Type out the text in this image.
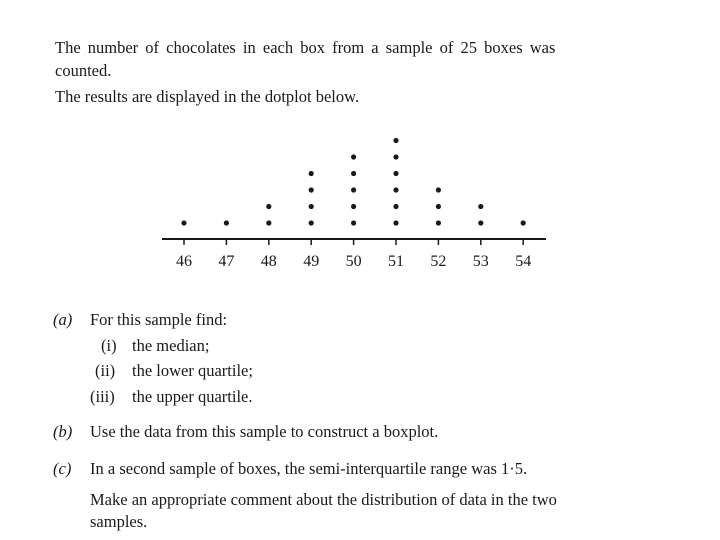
The number of chocolates in each box from a sample of 25 boxes was
counted.
The results are displayed in the dotplot below.
46 47 48 49 50 51 52 53 54
(a) For this sample find:
(i) the median;
(ii) the lower quartile;
(iii) the upper quartile.
(b) Use the data from this sample to construct a boxplot.
(c) In a second sample of boxes, the semi-interquartile range was 1·5.
Make an appropriate comment about the distribution of data in the two
samples.
